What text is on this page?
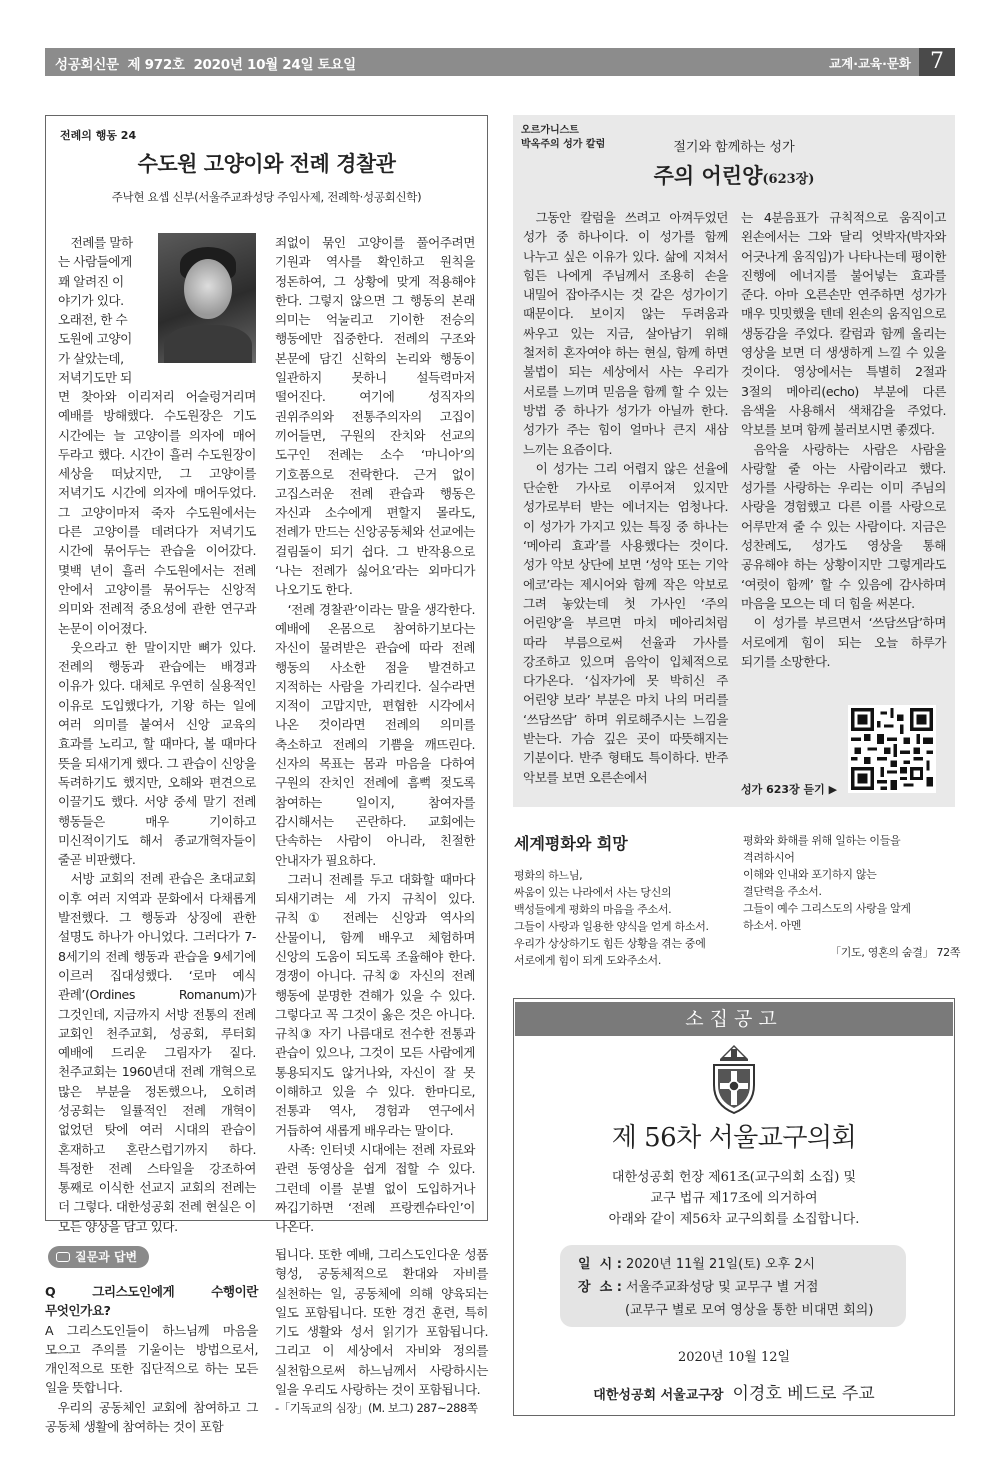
성공회신문  제 972호  2020년 10월 24일 토요일	교계·교육·문화 7
전례의 행동 24
수도원 고양이와 전례 경찰관
주낙현 요셉 신부(서울주교좌성당 주임사제, 전례학·성공회신학)
전례를 말하
는 사람들에게
꽤 알려진 이
야기가 있다.
오래전, 한 수
도원에 고양이
가 살았는데,
저녁기도만 되

면 찾아와 이리저리 어슬렁거리며 예배를 방해했다. 수도원장은 기도 시간에는 늘 고양이를 의자에 매어 두라고 했다. 시간이 흘러 수도원장이 세상을 떠났지만, 그 고양이를 저녁기도 시간에 의자에 매어두었다. 그 고양이마저 죽자 수도원에서는 다른 고양이를 데려다가 저녁기도 시간에 묶어두는 관습을 이어갔다. 몇백 년이 흘러 수도원에서는 전례 안에서 고양이를 묶어두는 신앙적 의미와 전례적 중요성에 관한 연구과 논문이 이어졌다.

웃으라고 한 말이지만 뼈가 있다. 전례의 행동과 관습에는 배경과 이유가 있다. 대체로 우연히 실용적인 이유로 도입했다가, 기왕 하는 일에 여러 의미를 붙여서 신앙 교육의 효과를 노리고, 할 때마다, 볼 때마다 뜻을 되새기게 했다. 그 관습이 신앙을 독려하기도 했지만, 오해와 편견으로 이끌기도 했다. 서양 중세 말기 전례 행동들은 매우 기이하고 미신적이기도 해서 종교개혁자들이 줄곧 비판했다.

서방 교회의 전례 관습은 초대교회 이후 여러 지역과 문화에서 다채롭게 발전했다. 그 행동과 상징에 관한 설명도 하나가 아니었다. 그러다가 7-8세기의 전례 행동과 관습을 9세기에 이르러 집대성했다. ‘로마 예식 관례’(Ordines Romanum)가 그것인데, 지금까지 서방 전통의 전례 교회인 천주교회, 성공회, 루터회 예배에 드리운 그림자가 짙다. 천주교회는 1960년대 전례 개혁으로 많은 부분을 정돈했으나, 오히려 성공회는 일률적인 전례 개혁이 없었던 탓에 여러 시대의 관습이 혼재하고 혼란스럽기까지 하다. 특정한 전례 스타일을 강조하여 통째로 이식한 선교지 교회의 전례는 더 그렇다. 대한성공회 전례 현실은 이 모든 양상을 담고 있다.

죄없이 묶인 고양이를 풀어주려면 기원과 역사를 확인하고 원칙을 정돈하여, 그 상황에 맞게 적용해야 한다. 그렇지 않으면 그 행동의 본래 의미는 억눌리고 기이한 전승의 행동에만 집중한다. 전례의 구조와 본문에 담긴 신학의 논리와 행동이 일관하지 못하니 설득력마저 떨어진다. 여기에 성직자의 권위주의와 전통주의자의 고집이 끼어들면, 구원의 잔치와 선교의 도구인 전례는 소수 ‘마니아’의 기호품으로 전락한다. 근거 없이 고집스러운 전례 관습과 행동은 자신과 소수에게 편할지 몰라도, 전례가 만드는 신앙공동체와 선교에는 걸림돌이 되기 쉽다. 그 반작용으로 ‘나는 전례가 싫어요’라는 외마디가 나오기도 한다.

‘전례 경찰관’이라는 말을 생각한다. 예배에 온몸으로 참여하기보다는 자신이 물려받은 관습에 따라 전례 행동의 사소한 점을 발견하고 지적하는 사람을 가리킨다. 실수라면 지적이 고맙지만, 편협한 시각에서 나온 것이라면 전례의 의미를 축소하고 전례의 기쁨을 깨뜨린다. 신자의 목표는 몸과 마음을 다하여 구원의 잔치인 전례에 흠뻑 젖도록 참여하는 일이지, 참여자를 감시해서는 곤란하다. 교회에는 단속하는 사람이 아니라, 친절한 안내자가 필요하다.

그러니 전례를 두고 대화할 때마다 되새기려는 세 가지 규칙이 있다. 규칙① 전례는 신앙과 역사의 산물이니, 함께 배우고 체험하며 신앙의 도움이 되도록 조율해야 한다. 경쟁이 아니다. 규칙② 자신의 전례 행동에 분명한 견해가 있을 수 있다. 그렇다고 꼭 그것이 옳은 것은 아니다. 규칙③ 자기 나름대로 전수한 전통과 관습이 있으나, 그것이 모든 사람에게 통용되지도 않거나와, 자신이 잘 못 이해하고 있을 수 있다. 한마디로, 전통과 역사, 경험과 연구에서 거듭하여 새롭게 배우라는 말이다.

사족: 인터넷 시대에는 전례 자료와 관련 동영상을 쉽게 접할 수 있다. 그런데 이를 분별 없이 도입하거나 짜깁기하면 ‘전례 프랑켄슈타인’이 나온다.

질문과 답변

Q 그리스도인에게 수행이란 무엇인가요?

A 그리스도인들이 하느님께 마음을 모으고 주의를 기울이는 방법으로서, 개인적으로 또한 집단적으로 하는 모든 일을 뜻합니다.

우리의 공동체인 교회에 참여하고 그 공동체 생활에 참여하는 것이 포함

됩니다. 또한 예배, 그리스도인다운 성품 형성, 공동체적으로 환대와 자비를 실천하는 일, 공동체에 의해 양육되는 일도 포함됩니다. 또한 경건 훈련, 특히 기도 생활와 성서 읽기가 포함됩니다. 그리고 이 세상에서 자비와 정의를 실천함으로써 하느님께서 사랑하시는 일을 우리도 사랑하는 것이 포함됩니다.

-「기독교의 심장」(M. 보그) 287~288쪽

오르가니스트
박옥주의 성가 칼럼	절기와 함께하는 성가
주의 어린양(623장)

그동안 칼럼을 쓰려고 아껴두었던 성가 중 하나이다. 이 성가를 함께 나누고 싶은 이유가 있다. 삶에 지쳐서 힘든 나에게 주님께서 조용히 손을 내밀어 잡아주시는 것 같은 성가이기 때문이다. 보이지 않는 두려움과 싸우고 있는 지금, 살아남기 위해 철저히 혼자여야 하는 현실, 함께 하면 불법이 되는 세상에서 사는 우리가 서로를 느끼며 믿음을 함께 할 수 있는 방법 중 하나가 성가가 아닐까 한다. 성가가 주는 힘이 얼마나 큰지 새삼 느끼는 요즘이다.

이 성가는 그리 어렵지 않은 선율에 단순한 가사로 이루어져 있지만 성가로부터 받는 에너지는 엄청나다. 이 성가가 가지고 있는 특징 중 하나는 ‘메아리 효과’를 사용했다는 것이다. 성가 악보 상단에 보면 ‘성악 또는 기악 에코’라는 제시어와 함께 작은 악보로 그려 놓았는데 첫 가사인 ‘주의 어린양’을 부르면 마치 메아리처럼 따라 부름으로써 선율과 가사를 강조하고 있으며 음악이 입체적으로 다가온다. ‘십자가에 못 박히신 주 어린양 보라’ 부분은 마치 나의 머리를 ‘쓰담쓰담’ 하며 위로해주시는 느낌을 받는다. 가슴 깊은 곳이 따뜻해지는 기분이다. 반주 형태도 특이하다. 반주 악보를 보면 오른손에서

는 4분음표가 규칙적으로 움직이고 왼손에서는 그와 달리 엇박자(박자와 어긋나게 움직임)가 나타나는데 평이한 진행에 에너지를 불어넣는 효과를 준다. 아마 오른손만 연주하면 성가가 매우 밋밋했을 텐데 왼손의 움직임으로 생동감을 주었다. 칼럼과 함께 올리는 영상을 보면 더 생생하게 느낄 수 있을 것이다. 영상에서는 특별히 2절과 3절의 메아리(echo) 부분에 다른 음색을 사용해서 색채감을 주었다. 악보를 보며 함께 불러보시면 좋겠다.

음악을 사랑하는 사람은 사람을 사랑할 줄 아는 사람이라고 했다. 성가를 사랑하는 우리는 이미 주님의 사랑을 경험했고 다른 이를 사랑으로 어루만져 줄 수 있는 사람이다. 지금은 성찬례도, 성가도 영상을 통해 공유해야 하는 상황이지만 그렇게라도 ‘여럿이 함께’ 할 수 있음에 감사하며 마음을 모으는 데 더 힘을 써본다.

이 성가를 부르면서 ‘쓰담쓰담’하며 서로에게 힘이 되는 오늘 하루가 되기를 소망한다.

성가 623장 듣기 ▶
세계평화와 희망
평화의 하느님,
싸움이 있는 나라에서 사는 당신의
백성들에게 평화의 마음을 주소서.
그들이 사랑과 일용한 양식을 얻게 하소서.
우리가 상상하기도 힘든 상황을 겪는 중에
서로에게 힘이 되게 도와주소서.
평화와 화해를 위해 일하는 이들을
격려하시어
이해와 인내와 포기하지 않는
결단력을 주소서.
그들이 예수 그리스도의 사랑을 알게
하소서. 아멘
「기도, 영혼의 숨결」 72쪽
소집공고
제 56차 서울교구의회
대한성공회 헌장 제61조(교구의회 소집) 및
교구 법규 제17조에 의거하여
아래와 같이 제56차 교구의회를 소집합니다.
일  시 : 2020년 11월 21일(토) 오후 2시
장  소 : 서울주교좌성당 및 교무구 별 거점
(교무구 별로 모여 영상을 통한 비대면 회의)
2020년 10월 12일
대한성공회 서울교구장 이경호 베드로 주교
